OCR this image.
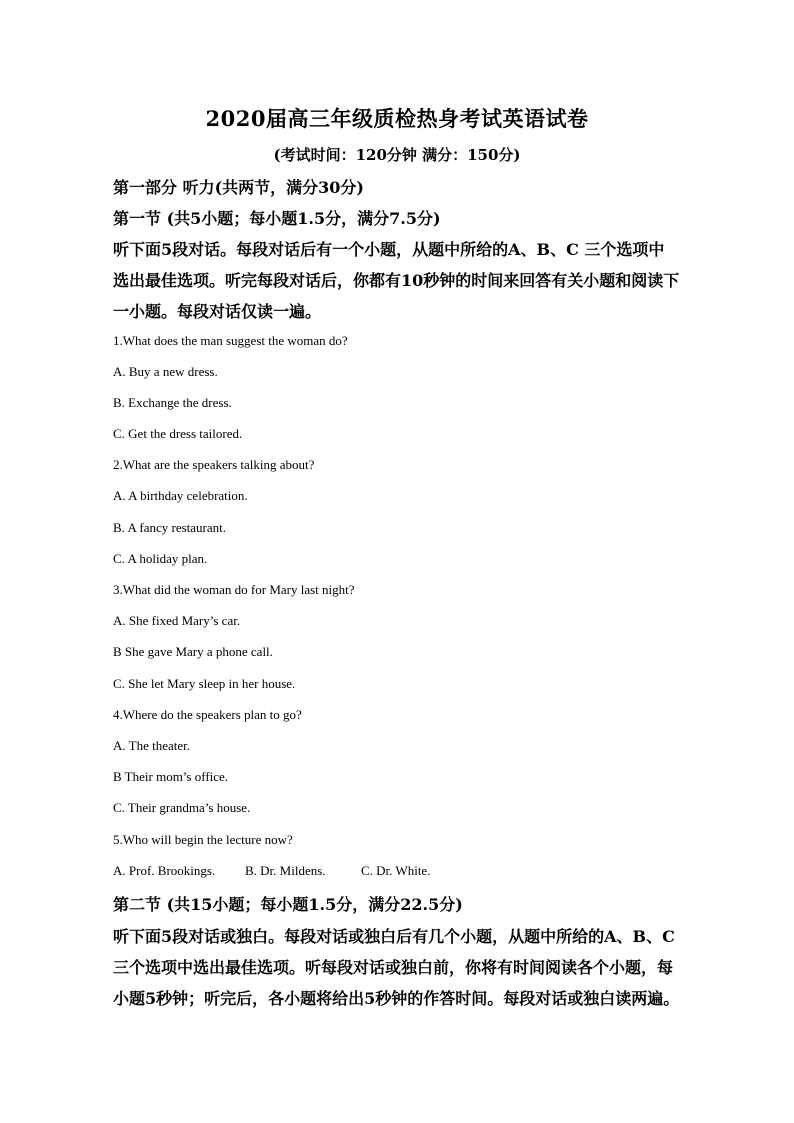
2020届高三年级质检热身考试英语试卷
(考试时间：120分钟 满分：150分)
第一部分 听力(共两节，满分30分)
第一节 (共5小题；每小题1.5分，满分7.5分)
听下面5段对话。每段对话后有一个小题，从题中所给的A、B、C 三个选项中
选出最佳选项。听完每段对话后，你都有10秒钟的时间来回答有关小题和阅读下
一小题。每段对话仅读一遍。
1.What does the man suggest the woman do?
A. Buy a new dress.
B. Exchange the dress.
C. Get the dress tailored.
2.What are the speakers talking about?
A. A birthday celebration.
B. A fancy restaurant.
C. A holiday plan.
3.What did the woman do for Mary last night?
A. She fixed Mary’s car.
B She gave Mary a phone call.
C. She let Mary sleep in her house.
4.Where do the speakers plan to go?
A. The theater.
B Their mom’s office.
C. Their grandma’s house.
5.Who will begin the lecture now?
A. Prof. Brookings. B. Dr. Mildens.	C. Dr. White.
第二节 (共15小题；每小题1.5分，满分22.5分)
听下面5段对话或独白。每段对话或独白后有几个小题，从题中所给的A、B、C
三个选项中选出最佳选项。听每段对话或独白前，你将有时间阅读各个小题，每
小题5秒钟；听完后，各小题将给出5秒钟的作答时间。每段对话或独白读两遍。
